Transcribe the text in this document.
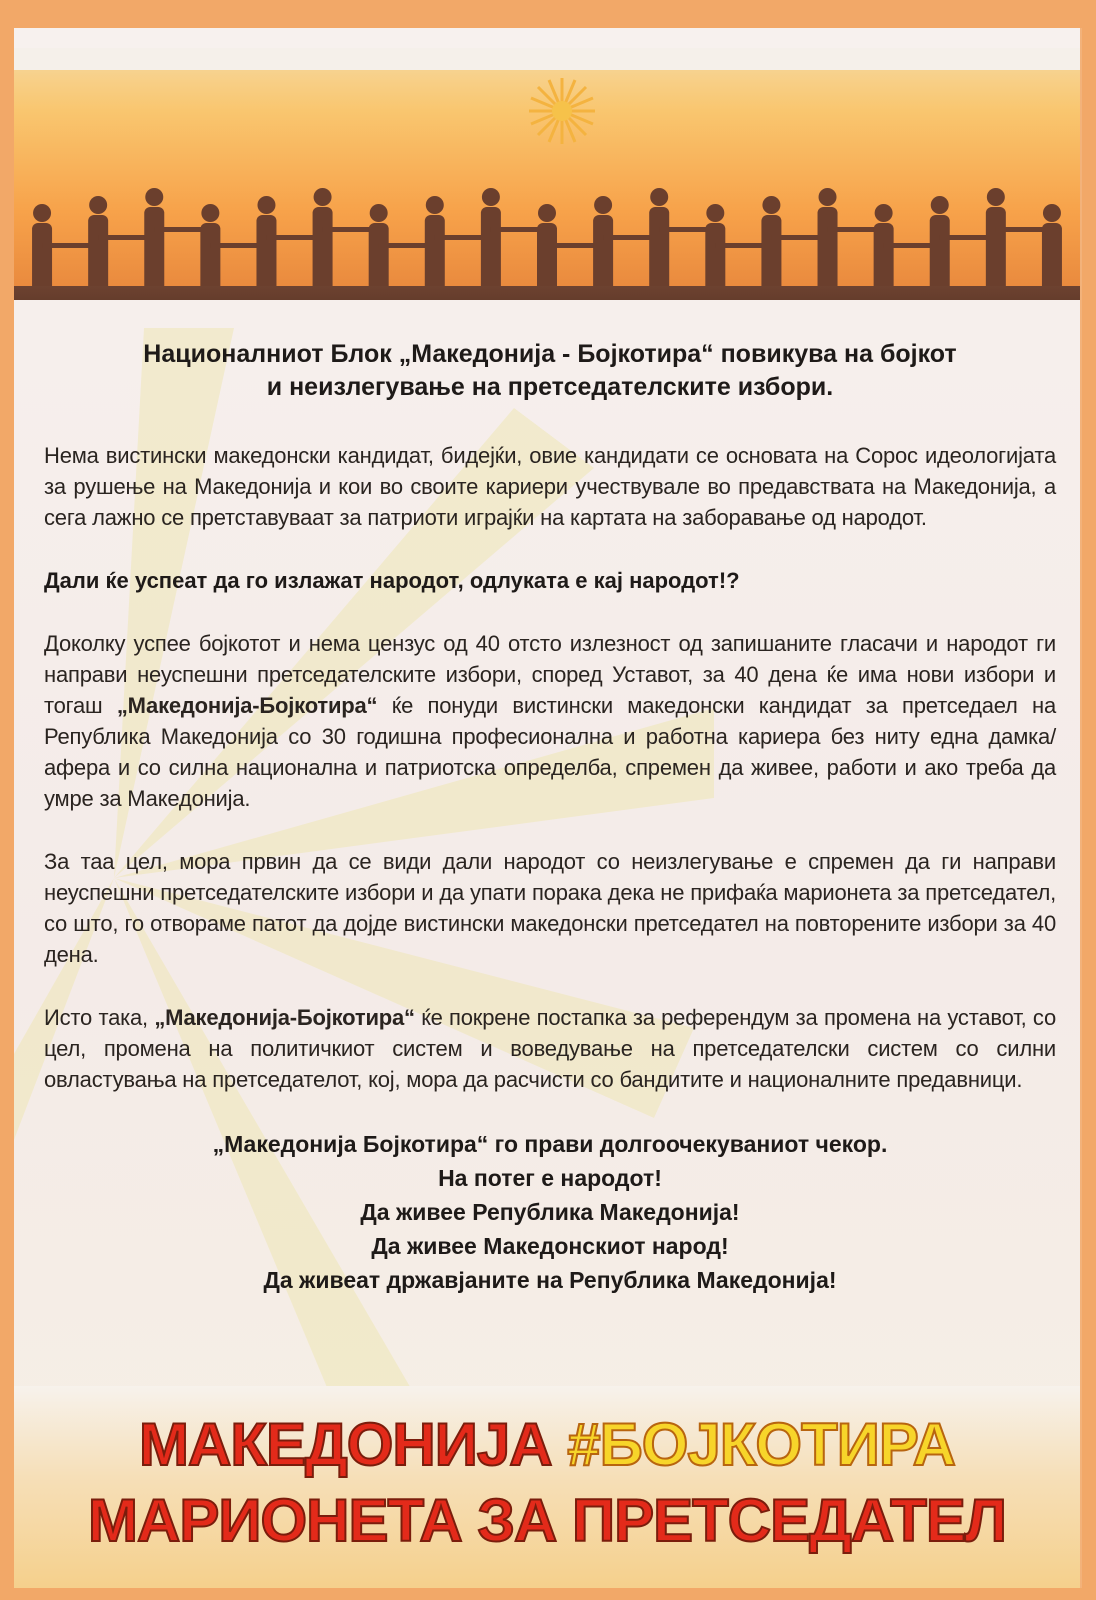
Националниот Блок „Македонија - Бојкотира“ повикува на бојкот
и неизлегување на претседателските избори.

Нема вистински македонски кандидат, бидејќи, овие кандидати се основата на Сорос идеологијата за рушење на Македонија и кои во своите кариери учествувале во предавствата на Македонија, а сега лажно се претставуваат за патриоти играјќи на картата на заборавање од народот.

Дали ќе успеат да го излажат народот, одлуката е кај народот!?

Доколку успее бојкотот и нема цензус од 40 отсто излезност од запишаните гласачи и народот ги направи неуспешни претседателските избори, според Уставот, за 40 дена ќе има нови избори и тогаш „Македонија-Бојкотира“ ќе понуди вистински македонски кандидат за претседаел на Република Македонија со 30 годишна професионална и работна кариера без ниту една дамка/афера и со силна национална и патриотска определба, спремен да живее, работи и ако треба да умре за Македонија.

За таа цел, мора првин да се види дали народот со неизлегување е спремен да ги направи неуспешни претседателските избори и да упати порака дека не прифаќа марионета за претседател, со што, го отвораме патот да дојде вистински македонски претседател на повторените избори за 40 дена.

Исто така, „Македонија-Бојкотира“ ќе покрене постапка за референдум за промена на уставот, со цел, промена на политичкиот систем и воведување на претседателски систем со силни овластувања на претседателот, кој, мора да расчисти со бандитите и националните предавници.

„Македонија Бојкотира“ го прави долгоочекуваниот чекор.
На потег е народот!
Да живее Република Македонија!
Да живее Македонскиот народ!
Да живеат државјаните на Република Македонија!
МАКЕДОНИЈА #БОЈКОТИРА
МАРИОНЕТА ЗА ПРЕТСЕДАТЕЛ
